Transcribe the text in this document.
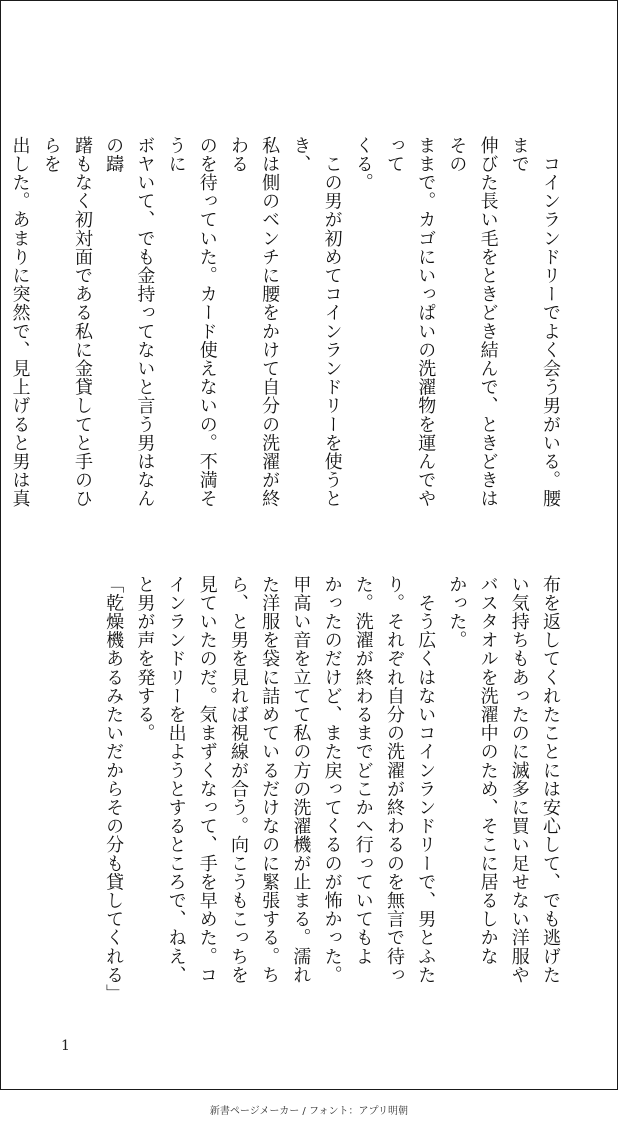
　コインランドリーでよく会う男がいる。腰まで

伸びた長い毛をときどき結んで、ときどきはその

ままで。カゴにいっぱいの洗濯物を運んでやって

くる。

　この男が初めてコインランドリーを使うとき、

私は側のベンチに腰をかけて自分の洗濯が終わる

のを待っていた。カード使えないの。不満そうに

ボヤいて、でも金持ってないと言う男はなんの躊

躇もなく初対面である私に金貸してと手のひらを

出した。あまりに突然で、見上げると男は真

布を返してくれたことには安心して、でも逃げた

い気持ちもあったのに滅多に買い足せない洋服や

バスタオルを洗濯中のため、そこに居るしかな

かった。

　そう広くはないコインランドリーで、男とふた

り。それぞれ自分の洗濯が終わるのを無言で待っ

た。洗濯が終わるまでどこかへ行っていてもよ

かったのだけど、また戻ってくるのが怖かった。

甲高い音を立てて私の方の洗濯機が止まる。濡れ

た洋服を袋に詰めているだけなのに緊張する。ち

ら、と男を見れば視線が合う。向こうもこっちを

見ていたのだ。気まずくなって、手を早めた。コ

インランドリーを出ようとするところで、ねえ、

と男が声を発する。

「乾燥機あるみたいだからその分も貸してくれる」

1
新書ページメーカー / フォント：アプリ明朝
